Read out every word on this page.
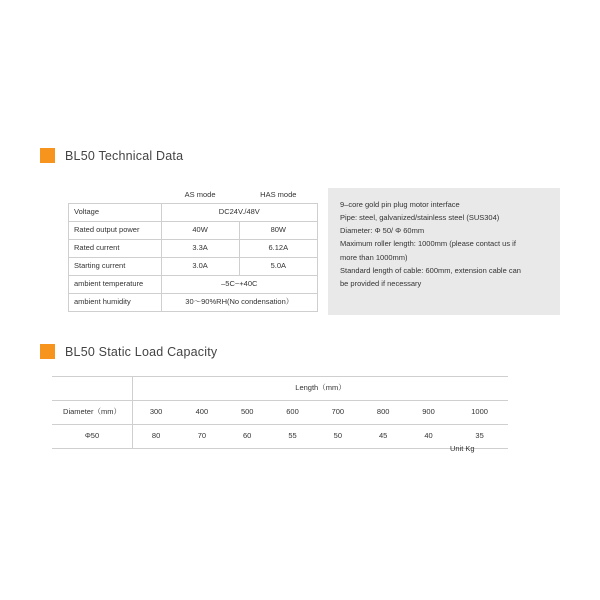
BL50 Technical Data
	AS mode	HAS mode
Voltage	DC24V./48V	
Rated output power	40W	80W
Rated current	3.3A	6.12A
Starting current	3.0A	5.0A
ambient temperature	–5C~+40C	
ambient humidity	30～90%RH(No condensation）	
9–core gold pin plug motor interface
Pipe: steel, galvanized/stainless steel (SUS304)
Diameter: Φ 50/ Φ 60mm
Maximum roller length: 1000mm (please contact us if
more than 1000mm)
Standard length of cable: 600mm, extension cable can
be provided if necessary
BL50 Static Load Capacity
	Length（mm）							
Diameter（mm）	300	400	500	600	700	800	900	1000
Φ50	80	70	60	55	50	45	40	35
Unit Kg
